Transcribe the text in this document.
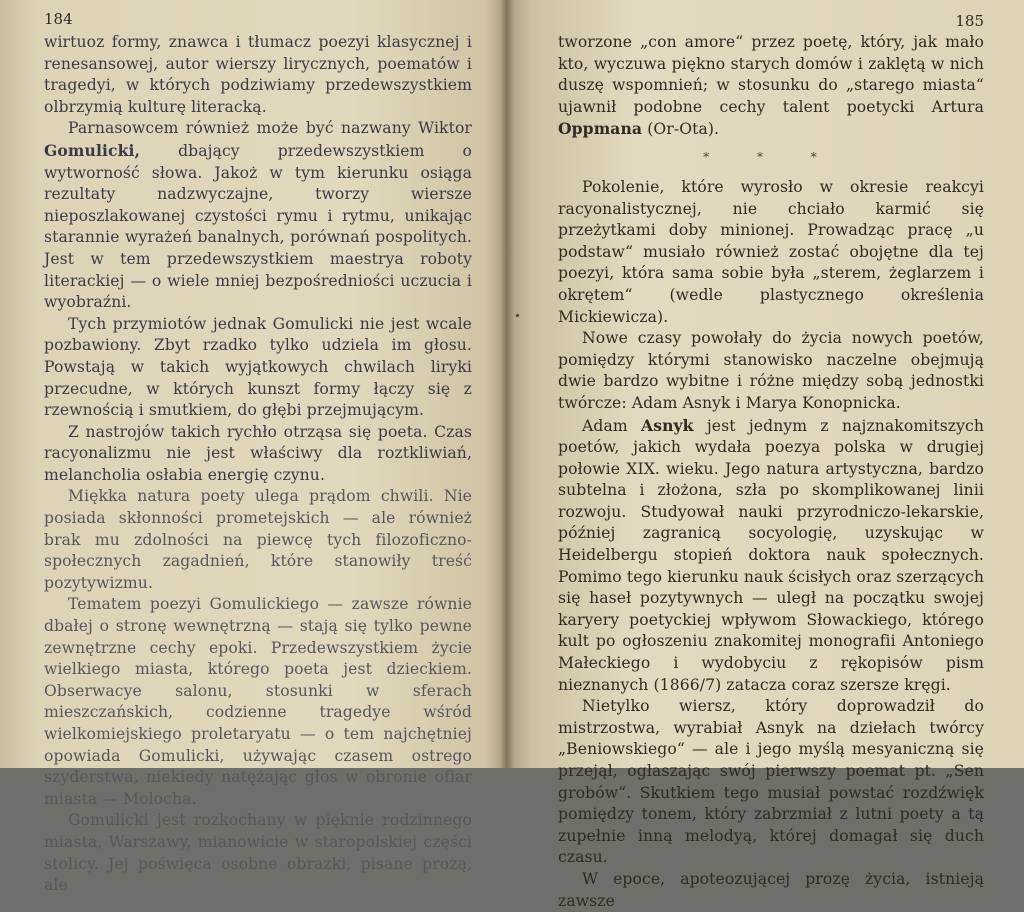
184

wirtuoz formy, znawca i tłumacz poezyi klasycznej i renesansowej, autor wierszy lirycznych, poematów i tragedyi, w których podziwiamy przedewszystkiem olbrzymią kulturę literacką.

Parnasowcem również może być nazwany Wiktor Gomulicki, dbający przedewszystkiem o wytworność słowa. Jakoż w tym kierunku osiąga rezultaty nadzwyczajne, tworzy wiersze nieposzlakowanej czystości rymu i rytmu, unikając starannie wyrażeń banalnych, porównań pospolitych. Jest w tem przedewszystkiem maestrya roboty literackiej — o wiele mniej bezpośredniości uczucia i wyobraźni.

Tych przymiotów jednak Gomulicki nie jest wcale pozbawiony. Zbyt rzadko tylko udziela im głosu. Powstają w takich wyjątkowych chwilach liryki przecudne, w których kunszt formy łączy się z rzewnością i smutkiem, do głębi przejmującym.

Z nastrojów takich rychło otrząsa się poeta. Czas racyonalizmu nie jest właściwy dla roztkliwiań, melancholia osłabia energię czynu.

Miękka natura poety ulega prądom chwili. Nie posiada skłonności prometejskich — ale również brak mu zdolności na piewcę tych filozoficzno-społecznych zagadnień, które stanowiły treść pozytywizmu.

Tematem poezyi Gomulickiego — zawsze równie dbałej o stronę wewnętrzną — stają się tylko pewne zewnętrzne cechy epoki. Przedewszystkiem życie wielkiego miasta, którego poeta jest dzieckiem. Obserwacye salonu, stosunki w sferach mieszczańskich, codzienne tragedye wśród wielkomiejskiego proletaryatu — o tem najchętniej opowiada Gomulicki, używając czasem ostrego szyderstwa, niekiedy natężając głos w obronie ofiar miasta — Molocha.

Gomulicki jest rozkochany w pięknie rodzinnego miasta, Warszawy, mianowicie w staropolskiej części stolicy. Jej poświęca osobne obrazki, pisane prozą, ale

185

tworzone „con amore“ przez poetę, który, jak mało kto, wyczuwa piękno starych domów i zaklętą w nich duszę wspomnień; w stosunku do „starego miasta“ ujawnił podobne cechy talent poetycki Artura Oppmana (Or-Ota).

* * *

Pokolenie, które wyrosło w okresie reakcyi racyonalistycznej, nie chciało karmić się przeżytkami doby minionej. Prowadząc pracę „u podstaw“ musiało również zostać obojętne dla tej poezyi, która sama sobie była „sterem, żeglarzem i okrętem“ (wedle plastycznego określenia Mickiewicza).

Nowe czasy powołały do życia nowych poetów, pomiędzy którymi stanowisko naczelne obejmują dwie bardzo wybitne i różne między sobą jednostki twórcze: Adam Asnyk i Marya Konopnicka.

Adam Asnyk jest jednym z najznakomitszych poetów, jakich wydała poezya polska w drugiej połowie XIX. wieku. Jego natura artystyczna, bardzo subtelna i złożona, szła po skomplikowanej linii rozwoju. Studyował nauki przyrodniczo-lekarskie, później zagranicą socyologię, uzyskując w Heidelbergu stopień doktora nauk społecznych. Pomimo tego kierunku nauk ścisłych oraz szerzących się haseł pozytywnych — uległ na początku swojej karyery poetyckiej wpływom Słowackiego, którego kult po ogłoszeniu znakomitej monografii Antoniego Małeckiego i wydobyciu z rękopisów pism nieznanych (1866/7) zatacza coraz szersze kręgi.

Nietylko wiersz, który doprowadził do mistrzostwa, wyrabiał Asnyk na dziełach twórcy „Beniowskiego“ — ale i jego myślą mesyaniczną się przejął, ogłaszając swój pierwszy poemat pt. „Sen grobów“. Skutkiem tego musiał powstać rozdźwięk pomiędzy tonem, który zabrzmiał z lutni poety a tą zupełnie inną melodyą, której domagał się duch czasu.

W epoce, apoteozującej prozę życia, istnieją zawsze
